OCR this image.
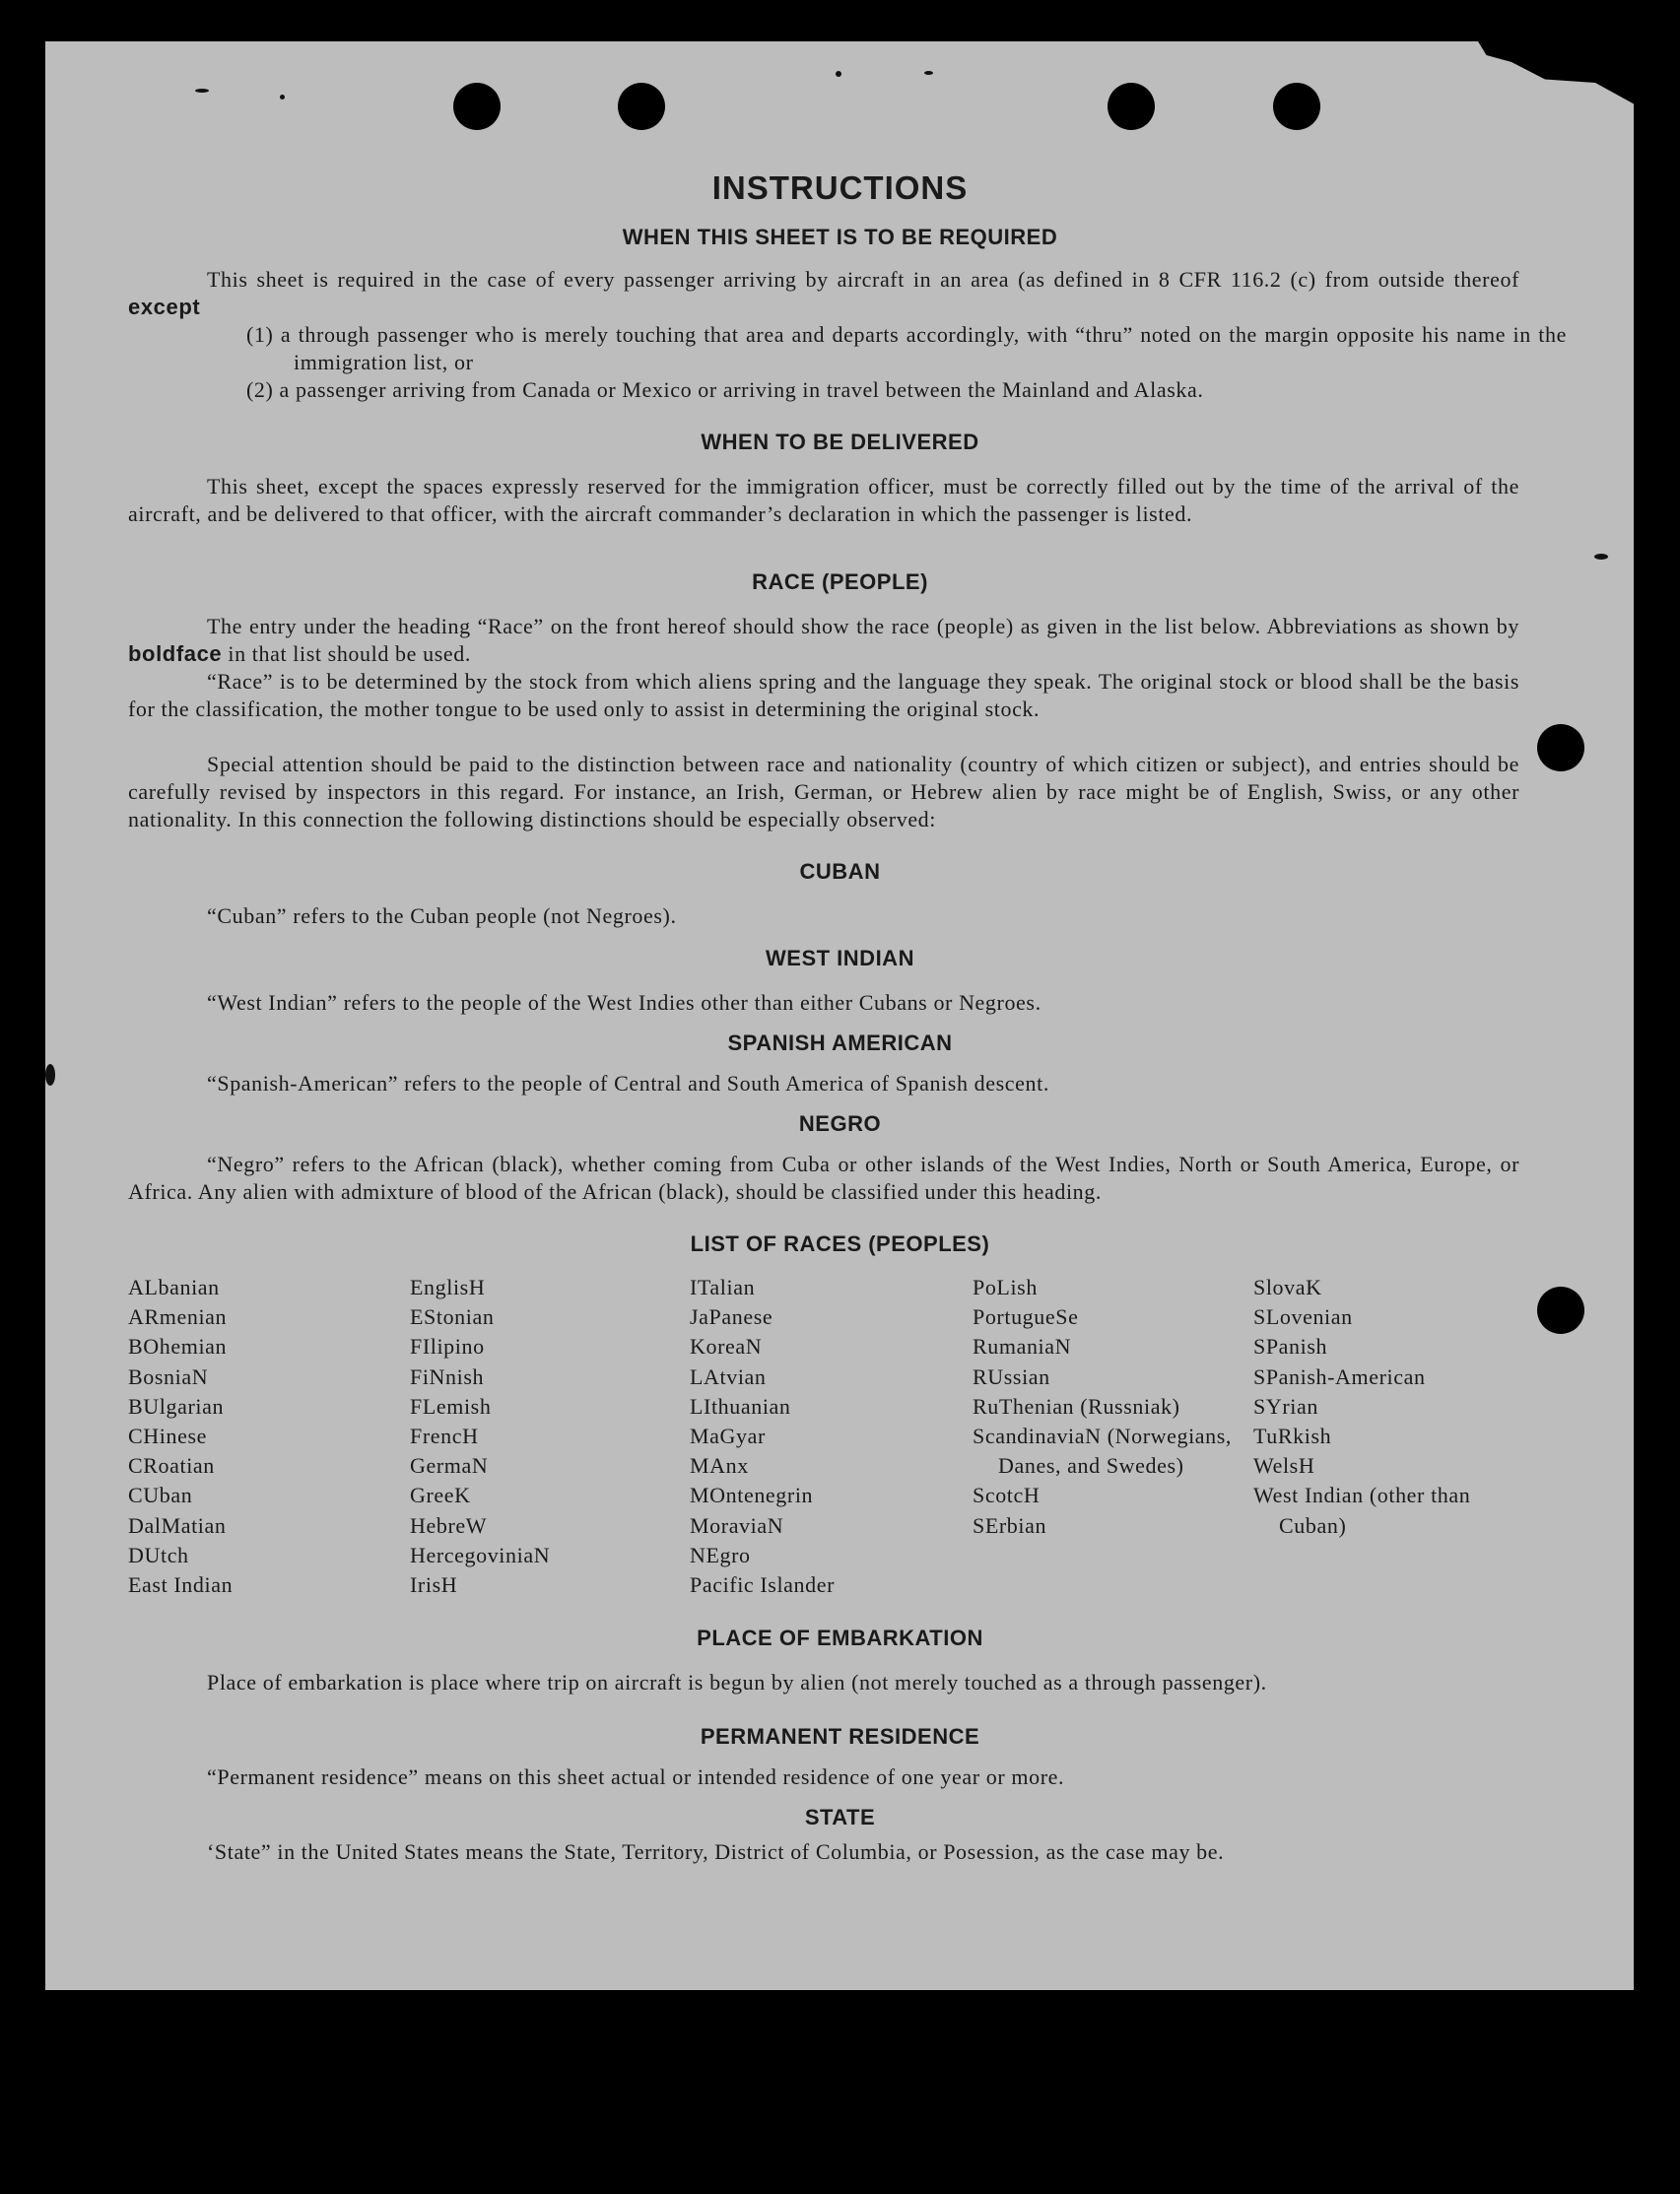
INSTRUCTIONS
WHEN THIS SHEET IS TO BE REQUIRED

This sheet is required in the case of every passenger arriving by aircraft in an area (as defined in 8 CFR 116.2 (c) from outside thereof except

(1) a through passenger who is merely touching that area and departs accordingly, with “thru” noted on the margin opposite his name in the immigration list, or

(2) a passenger arriving from Canada or Mexico or arriving in travel between the Mainland and Alaska.

WHEN TO BE DELIVERED

This sheet, except the spaces expressly reserved for the immigration officer, must be correctly filled out by the time of the arrival of the aircraft, and be delivered to that officer, with the aircraft commander’s declaration in which the passenger is listed.

RACE (PEOPLE)

The entry under the heading “Race” on the front hereof should show the race (people) as given in the list below. Abbreviations as shown by boldface in that list should be used.

“Race” is to be determined by the stock from which aliens spring and the language they speak. The original stock or blood shall be the basis for the classification, the mother tongue to be used only to assist in determining the original stock.

Special attention should be paid to the distinction between race and nationality (country of which citizen or subject), and entries should be carefully revised by inspectors in this regard. For instance, an Irish, German, or Hebrew alien by race might be of English, Swiss, or any other nationality. In this connection the following distinctions should be especially observed:

CUBAN

“Cuban” refers to the Cuban people (not Negroes).

WEST INDIAN

“West Indian” refers to the people of the West Indies other than either Cubans or Negroes.

SPANISH AMERICAN

“Spanish-American” refers to the people of Central and South America of Spanish descent.

NEGRO

“Negro” refers to the African (black), whether coming from Cuba or other islands of the West Indies, North or South America, Europe, or Africa. Any alien with admixture of blood of the African (black), should be classified under this heading.

LIST OF RACES (PEOPLES)
ALbanian
ARmenian
BOhemian
BosniaN
BUlgarian
CHinese
CRoatian
CUban
DalMatian
DUtch
East Indian
EnglisH
EStonian
FIlipino
FiNnish
FLemish
FrencH
GermaN
GreeK
HebreW
HercegoviniaN
IrisH
ITalian
JaPanese
KoreaN
LAtvian
LIthuanian
MaGyar
MAnx
MOntenegrin
MoraviaN
NEgro
Pacific Islander
PoLish
PortugueSe
RumaniaN
RUssian
RuThenian (Russniak)
ScandinaviaN (Norwegians, Danes, and Swedes)
ScotcH
SErbian
SlovaK
SLovenian
SPanish
SPanish-American
SYrian
TuRkish
WelsH
West Indian (other than Cuban)
PLACE OF EMBARKATION

Place of embarkation is place where trip on aircraft is begun by alien (not merely touched as a through passenger).

PERMANENT RESIDENCE

“Permanent residence” means on this sheet actual or intended residence of one year or more.

STATE

‘State” in the United States means the State, Territory, District of Columbia, or Posession, as the case may be.
